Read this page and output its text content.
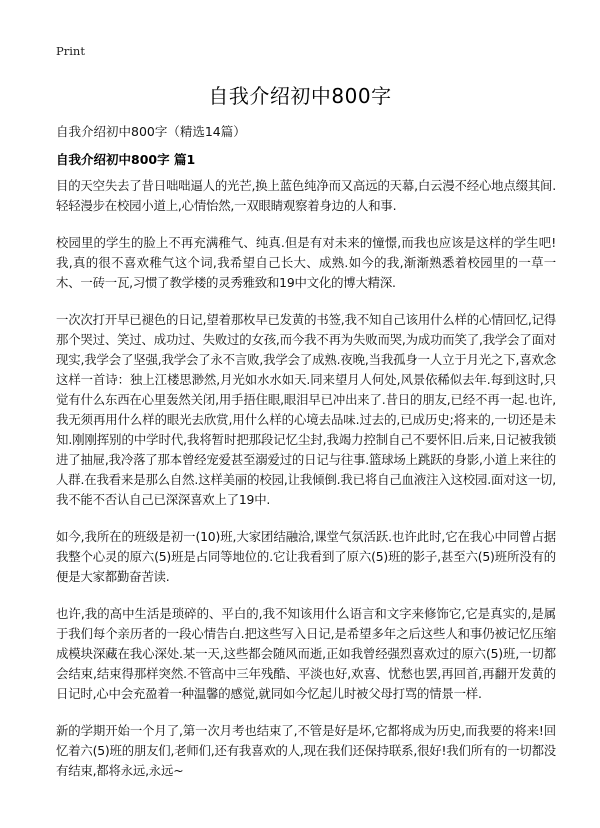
Print
自我介绍初中800字

自我介绍初中800字（精选14篇）

自我介绍初中800字 篇1

目的天空失去了昔日咄咄逼人的光芒,换上蓝色纯净而又高远的天幕,白云漫不经心地点缀其间.轻轻漫步在校园小道上,心情怡然,一双眼睛观察着身边的人和事.

校园里的学生的脸上不再充满稚气、纯真.但是有对未来的憧憬,而我也应该是这样的学生吧!我,真的很不喜欢稚气这个词,我希望自己长大、成熟.如今的我,渐渐熟悉着校园里的一草一木、一砖一瓦,习惯了教学楼的灵秀雅致和19中文化的博大精深.

一次次打开早已褪色的日记,望着那枚早已发黄的书签,我不知自己该用什么样的心情回忆,记得那个哭过、笑过、成功过、失败过的女孩,而今我不再为失败而哭,为成功而笑了,我学会了面对现实,我学会了坚强,我学会了永不言败,我学会了成熟.夜晚,当我孤身一人立于月光之下,喜欢念这样一首诗：独上江楼思渺然,月光如水水如天.同来望月人何处,风景依稀似去年.每到这时,只觉有什么东西在心里轰然关闭,用手捂住眼,眼泪早已冲出来了.昔日的朋友,已经不再一起.也许,我无须再用什么样的眼光去欣赏,用什么样的心境去品味.过去的,已成历史;将来的,一切还是未知.刚刚挥别的中学时代,我将暂时把那段记忆尘封,我竭力控制自己不要怀旧.后来,日记被我锁进了抽屉,我冷落了那本曾经宠爱甚至溺爱过的日记与往事.篮球场上跳跃的身影,小道上来往的人群.在我看来是那么自然.这样美丽的校园,让我倾倒.我已将自己血液注入这校园.面对这一切,我不能不否认自己已深深喜欢上了19中.

如今,我所在的班级是初一(10)班,大家团结融洽,课堂气氛活跃.也许此时,它在我心中同曾占据我整个心灵的原六(5)班是占同等地位的.它让我看到了原六(5)班的影子,甚至六(5)班所没有的便是大家都勤奋苦读.

也许,我的高中生活是琐碎的、平白的,我不知该用什么语言和文字来修饰它,它是真实的,是属于我们每个亲历者的一段心情告白.把这些写入日记,是希望多年之后这些人和事仍被记忆压缩成模块深藏在我心深处.某一天,这些都会随风而逝,正如我曾经强烈喜欢过的原六(5)班,一切都会结束,结束得那样突然.不管高中三年残酷、平淡也好,欢喜、忧愁也罢,再回首,再翻开发黄的日记时,心中会充盈着一种温馨的感觉,就同如今忆起儿时被父母打骂的情景一样.

新的学期开始一个月了,第一次月考也结束了,不管是好是坏,它都将成为历史,而我要的将来!回忆着六(5)班的朋友们,老师们,还有我喜欢的人,现在我们还保持联系,很好!我们所有的一切都没有结束,都将永远,永远~
